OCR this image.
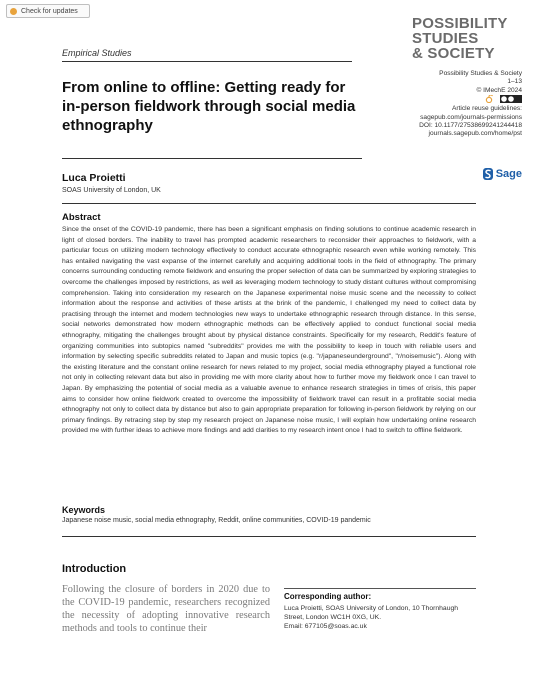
Check for updates
POSSIBILITY
STUDIES
& SOCIETY
Empirical Studies
From online to offline: Getting ready for in-person fieldwork through social media ethnography
Possibility Studies & Society
1–13
© IMechE 2024

Article reuse guidelines:
sagepub.com/journals-permissions
DOI: 10.1177/27538699241244418
journals.sagepub.com/home/pst
Sage
Luca Proietti
SOAS University of London, UK
Abstract
Since the onset of the COVID-19 pandemic, there has been a significant emphasis on finding solutions to continue academic research in light of closed borders. The inability to travel has prompted academic researchers to reconsider their approaches to fieldwork, with a particular focus on utilizing modern technology effectively to conduct accurate ethnographic research even while working remotely. This has entailed navigating the vast expanse of the internet carefully and acquiring additional tools in the field of ethnography. The primary concerns surrounding conducting remote fieldwork and ensuring the proper selection of data can be summarized by exploring strategies to overcome the challenges imposed by restrictions, as well as leveraging modern technology to study distant cultures without compromising comprehension. Taking into consideration my research on the Japanese experimental noise music scene and the necessity to collect information about the response and activities of these artists at the brink of the pandemic, I challenged my need to collect data by practising through the internet and modern technologies new ways to undertake ethnographic research through distance. In this sense, social networks demonstrated how modern ethnographic methods can be effectively applied to conduct functional social media ethnography, mitigating the challenges brought about by physical distance constraints. Specifically for my research, Reddit's feature of organizing communities into subtopics named "subreddits" provides me with the possibility to keep in touch with reliable users and information by selecting specific subreddits related to Japan and music topics (e.g. "r/japaneseunderground", "r/noisemusic"). Along with the existing literature and the constant online research for news related to my project, social media ethnography played a functional role not only in collecting relevant data but also in providing me with more clarity about how to further move my fieldwork once I can travel to Japan. By emphasizing the potential of social media as a valuable avenue to enhance research strategies in times of crisis, this paper aims to consider how online fieldwork created to overcome the impossibility of fieldwork travel can result in a profitable social media ethnography not only to collect data by distance but also to gain appropriate preparation for following in-person fieldwork by relying on our primary findings. By retracing step by step my research project on Japanese noise music, I will explain how undertaking online research provided me with further ideas to achieve more findings and add clarities to my research intent once I had to switch to offline fieldwork.
Keywords
Japanese noise music, social media ethnography, Reddit, online communities, COVID-19 pandemic
Introduction
Following the closure of borders in 2020 due to the COVID-19 pandemic, researchers recognized the necessity of adopting innovative research methods and tools to continue their
Corresponding author:
Luca Proietti, SOAS University of London, 10 Thornhaugh
Street, London WC1H 0XG, UK.
Email: 677105@soas.ac.uk
